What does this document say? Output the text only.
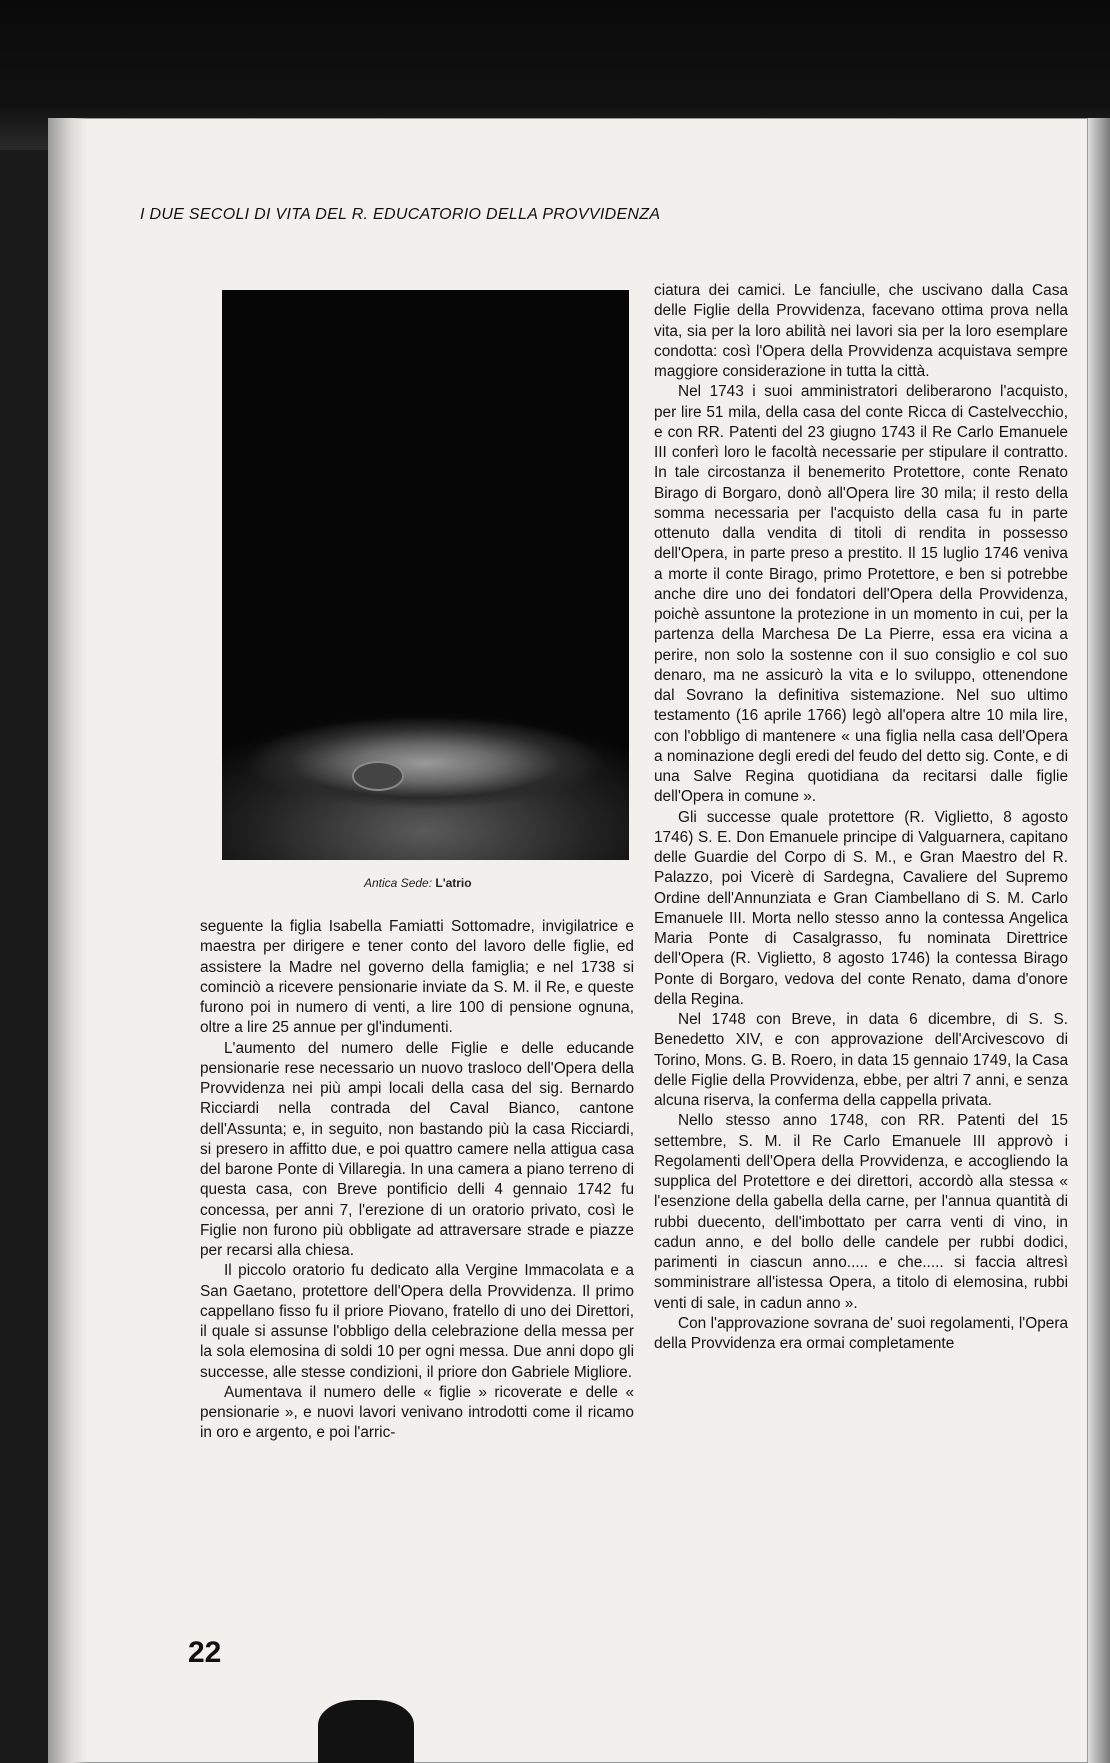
I DUE SECOLI DI VITA DEL R. EDUCATORIO DELLA PROVVIDENZA
Antica Sede: L'atrio

seguente la figlia Isabella Famiatti Sottomadre, invigilatrice e maestra per dirigere e tener conto del lavoro delle figlie, ed assistere la Madre nel governo della famiglia; e nel 1738 si cominciò a ricevere pensionarie inviate da S. M. il Re, e queste furono poi in numero di venti, a lire 100 di pensione ognuna, oltre a lire 25 annue per gl'indumenti.

L'aumento del numero delle Figlie e delle educande pensionarie rese necessario un nuovo trasloco dell'Opera della Provvidenza nei più ampi locali della casa del sig. Bernardo Ricciardi nella contrada del Caval Bianco, cantone dell'Assunta; e, in seguito, non bastando più la casa Ricciardi, si presero in affitto due, e poi quattro camere nella attigua casa del barone Ponte di Villaregia. In una camera a piano terreno di questa casa, con Breve pontificio delli 4 gennaio 1742 fu concessa, per anni 7, l'erezione di un oratorio privato, così le Figlie non furono più obbligate ad attraversare strade e piazze per recarsi alla chiesa.

Il piccolo oratorio fu dedicato alla Vergine Immacolata e a San Gaetano, protettore dell'Opera della Provvidenza. Il primo cappellano fisso fu il priore Piovano, fratello di uno dei Direttori, il quale si assunse l'obbligo della celebrazione della messa per la sola elemosina di soldi 10 per ogni messa. Due anni dopo gli successe, alle stesse condizioni, il priore don Gabriele Migliore.

Aumentava il numero delle « figlie » ricoverate e delle « pensionarie », e nuovi lavori venivano introdotti come il ricamo in oro e argento, e poi l'arric-

ciatura dei camici. Le fanciulle, che uscivano dalla Casa delle Figlie della Provvidenza, facevano ottima prova nella vita, sia per la loro abilità nei lavori sia per la loro esemplare condotta: così l'Opera della Provvidenza acquistava sempre maggiore considerazione in tutta la città.

Nel 1743 i suoi amministratori deliberarono l'acquisto, per lire 51 mila, della casa del conte Ricca di Castelvecchio, e con RR. Patenti del 23 giugno 1743 il Re Carlo Emanuele III conferì loro le facoltà necessarie per stipulare il contratto. In tale circostanza il benemerito Protettore, conte Renato Birago di Borgaro, donò all'Opera lire 30 mila; il resto della somma necessaria per l'acquisto della casa fu in parte ottenuto dalla vendita di titoli di rendita in possesso dell'Opera, in parte preso a prestito. Il 15 luglio 1746 veniva a morte il conte Birago, primo Protettore, e ben si potrebbe anche dire uno dei fondatori dell'Opera della Provvidenza, poichè assuntone la protezione in un momento in cui, per la partenza della Marchesa De La Pierre, essa era vicina a perire, non solo la sostenne con il suo consiglio e col suo denaro, ma ne assicurò la vita e lo sviluppo, ottenendone dal Sovrano la definitiva sistemazione. Nel suo ultimo testamento (16 aprile 1766) legò all'opera altre 10 mila lire, con l'obbligo di mantenere « una figlia nella casa dell'Opera a nominazione degli eredi del feudo del detto sig. Conte, e di una Salve Regina quotidiana da recitarsi dalle figlie dell'Opera in comune ».

Gli successe quale protettore (R. Viglietto, 8 agosto 1746) S. E. Don Emanuele principe di Valguarnera, capitano delle Guardie del Corpo di S. M., e Gran Maestro del R. Palazzo, poi Vicerè di Sardegna, Cavaliere del Supremo Ordine dell'Annunziata e Gran Ciambellano di S. M. Carlo Emanuele III. Morta nello stesso anno la contessa Angelica Maria Ponte di Casalgrasso, fu nominata Direttrice dell'Opera (R. Viglietto, 8 agosto 1746) la contessa Birago Ponte di Borgaro, vedova del conte Renato, dama d'onore della Regina.

Nel 1748 con Breve, in data 6 dicembre, di S. S. Benedetto XIV, e con approvazione dell'Arcivescovo di Torino, Mons. G. B. Roero, in data 15 gennaio 1749, la Casa delle Figlie della Provvidenza, ebbe, per altri 7 anni, e senza alcuna riserva, la conferma della cappella privata.

Nello stesso anno 1748, con RR. Patenti del 15 settembre, S. M. il Re Carlo Emanuele III approvò i Regolamenti dell'Opera della Provvidenza, e accogliendo la supplica del Protettore e dei direttori, accordò alla stessa « l'esenzione della gabella della carne, per l'annua quantità di rubbi duecento, dell'imbottato per carra venti di vino, in cadun anno, e del bollo delle candele per rubbi dodici, parimenti in ciascun anno..... e che..... si faccia altresì somministrare all'istessa Opera, a titolo di elemosina, rubbi venti di sale, in cadun anno ».

Con l'approvazione sovrana de' suoi regolamenti, l'Opera della Provvidenza era ormai completamente

22
